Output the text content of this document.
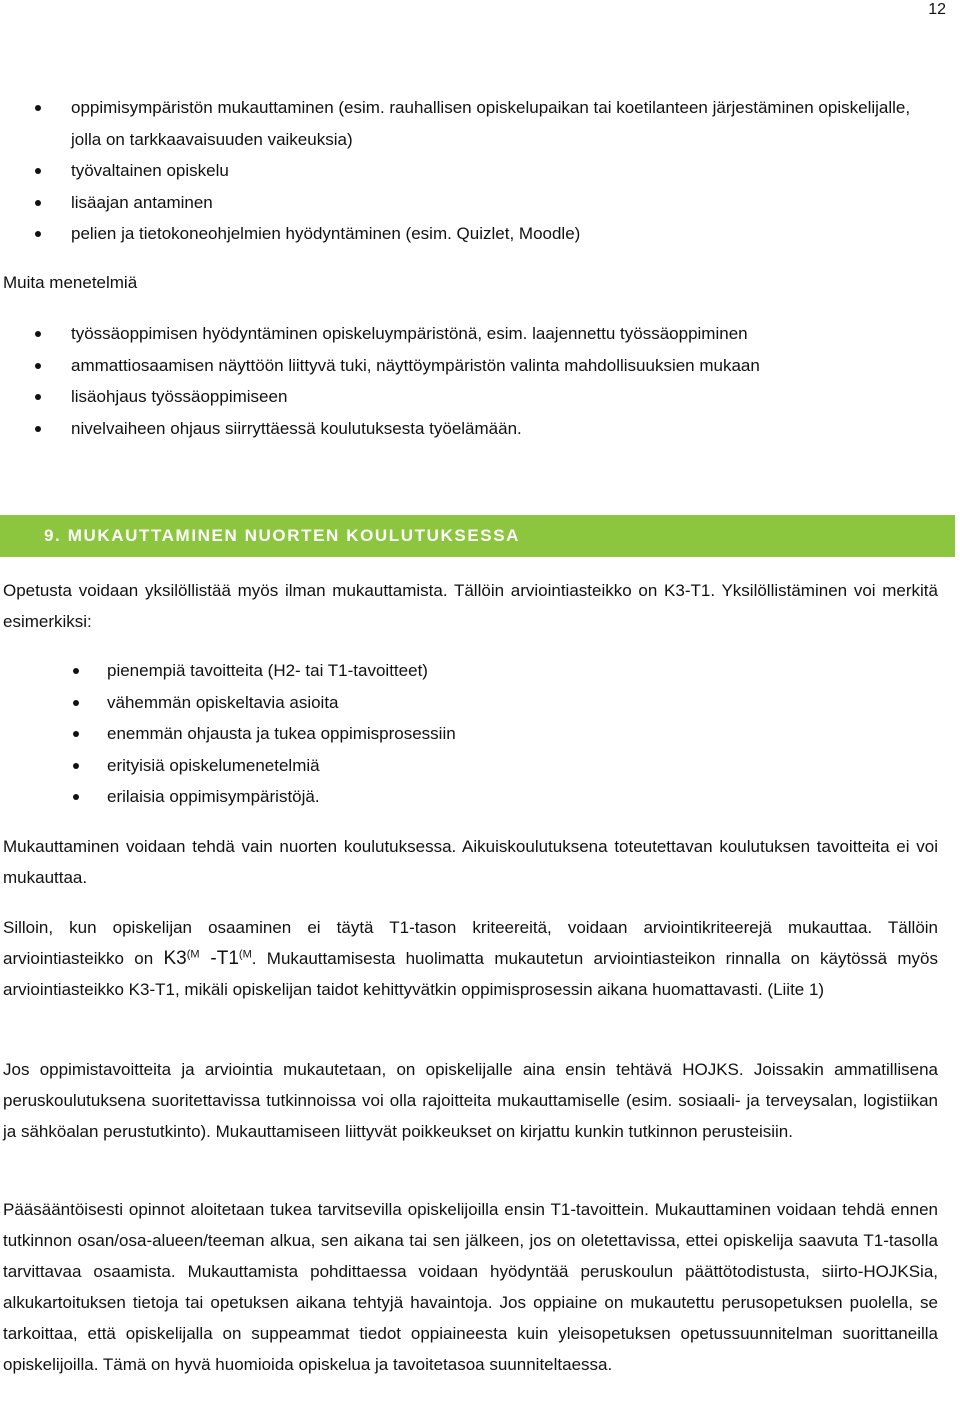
12
oppimisympäristön mukauttaminen (esim. rauhallisen opiskelupaikan tai koetilanteen järjestäminen opiskelijalle, jolla on tarkkaavaisuuden vaikeuksia)
työvaltainen opiskelu
lisäajan antaminen
pelien ja tietokoneohjelmien hyödyntäminen (esim. Quizlet, Moodle)
Muita menetelmiä
työssäoppimisen hyödyntäminen opiskeluympäristönä, esim. laajennettu työssäoppiminen
ammattiosaamisen näyttöön liittyvä tuki, näyttöympäristön valinta mahdollisuuksien mukaan
lisäohjaus työssäoppimiseen
nivelvaiheen ohjaus siirryttäessä koulutuksesta työelämään.
9. MUKAUTTAMINEN NUORTEN KOULUTUKSESSA

Opetusta voidaan yksilöllistää myös ilman mukauttamista. Tällöin arviointiasteikko on K3-T1. Yksilöllistäminen voi merkitä esimerkiksi:

pienempiä tavoitteita (H2- tai T1-tavoitteet)
vähemmän opiskeltavia asioita
enemmän ohjausta ja tukea oppimisprosessiin
erityisiä opiskelumenetelmiä
erilaisia oppimisympäristöjä.

Mukauttaminen voidaan tehdä vain nuorten koulutuksessa. Aikuiskoulutuksena toteutettavan koulutuksen tavoitteita ei voi mukauttaa.

Silloin, kun opiskelijan osaaminen ei täytä T1-tason kriteereitä, voidaan arviointikriteerejä mukauttaa. Tällöin arviointiasteikko on $K3^{(M}$ $-T1^{(M}$. Mukauttamisesta huolimatta mukautetun arviointiasteikon rinnalla on käytössä myös arviointiasteikko K3-T1, mikäli opiskelijan taidot kehittyvätkin oppimisprosessin aikana huomattavasti. (Liite 1)

Jos oppimistavoitteita ja arviointia mukautetaan, on opiskelijalle aina ensin tehtävä HOJKS. Joissakin ammatillisena peruskoulutuksena suoritettavissa tutkinnoissa voi olla rajoitteita mukauttamiselle (esim. sosiaali- ja terveysalan, logistiikan ja sähköalan perustutkinto). Mukauttamiseen liittyvät poikkeukset on kirjattu kunkin tutkinnon perusteisiin.

Pääsääntöisesti opinnot aloitetaan tukea tarvitsevilla opiskelijoilla ensin T1-tavoittein. Mukauttaminen voidaan tehdä ennen tutkinnon osan/osa-alueen/teeman alkua, sen aikana tai sen jälkeen, jos on oletettavissa, ettei opiskelija saavuta T1-tasolla tarvittavaa osaamista. Mukauttamista pohdittaessa voidaan hyödyntää peruskoulun päättötodistusta, siirto-HOJKSia, alkukartoituksen tietoja tai opetuksen aikana tehtyjä havaintoja. Jos oppiaine on mukautettu perusopetuksen puolella, se tarkoittaa, että opiskelijalla on suppeammat tiedot oppiaineesta kuin yleisopetuksen opetussuunnitelman suorittaneilla opiskelijoilla. Tämä on hyvä huomioida opiskelua ja tavoitetasoa suunniteltaessa.
